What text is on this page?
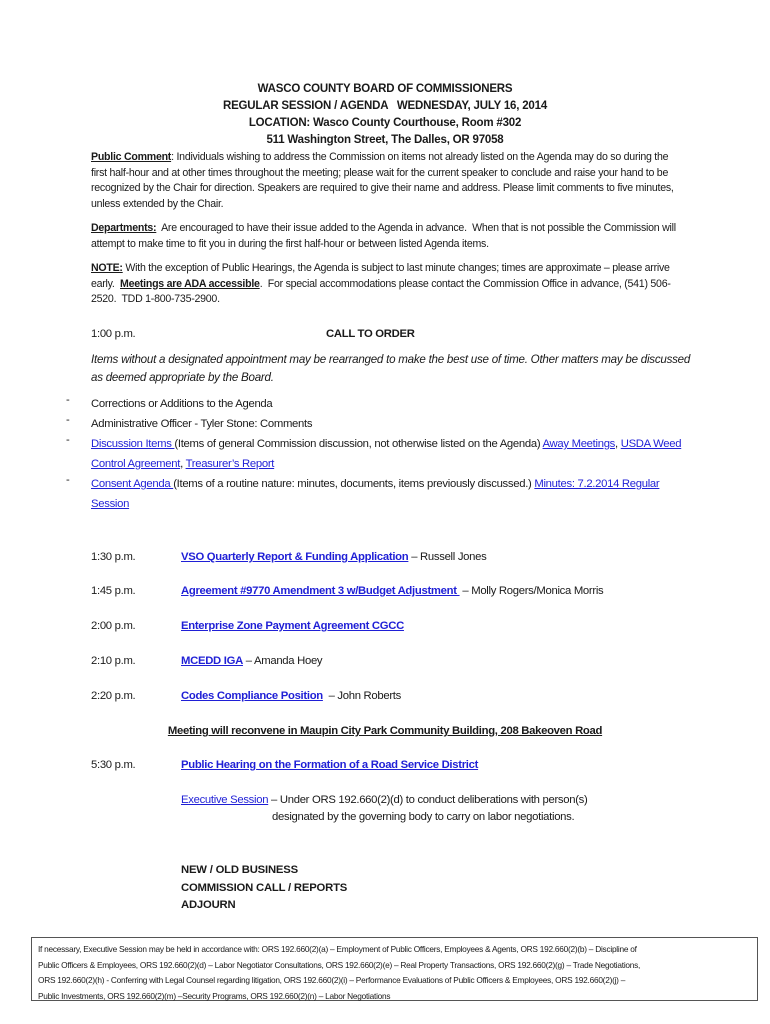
WASCO COUNTY BOARD OF COMMISSIONERS
REGULAR SESSION / AGENDA   WEDNESDAY, JULY 16, 2014
LOCATION: Wasco County Courthouse, Room #302
511 Washington Street, The Dalles, OR 97058
Public Comment: Individuals wishing to address the Commission on items not already listed on the Agenda may do so during the first half-hour and at other times throughout the meeting; please wait for the current speaker to conclude and raise your hand to be recognized by the Chair for direction. Speakers are required to give their name and address. Please limit comments to five minutes, unless extended by the Chair.
Departments:  Are encouraged to have their issue added to the Agenda in advance.  When that is not possible the Commission will attempt to make time to fit you in during the first half-hour or between listed Agenda items.
NOTE: With the exception of Public Hearings, the Agenda is subject to last minute changes; times are approximate – please arrive early.  Meetings are ADA accessible.  For special accommodations please contact the Commission Office in advance, (541) 506-2520.  TDD 1-800-735-2900.
1:00 p.m.	CALL TO ORDER
Items without a designated appointment may be rearranged to make the best use of time. Other matters may be discussed as deemed appropriate by the Board.
- Corrections or Additions to the Agenda
- Administrative Officer - Tyler Stone: Comments
- Discussion Items (Items of general Commission discussion, not otherwise listed on the Agenda) Away Meetings, USDA Weed Control Agreement, Treasurer’s Report
- Consent Agenda (Items of a routine nature: minutes, documents, items previously discussed.) Minutes: 7.2.2014 Regular Session
1:30 p.m.	VSO Quarterly Report & Funding Application – Russell Jones
1:45 p.m.	Agreement #9770 Amendment 3 w/Budget Adjustment  – Molly Rogers/Monica Morris
2:00 p.m.	Enterprise Zone Payment Agreement CGCC
2:10 p.m.	MCEDD IGA – Amanda Hoey
2:20 p.m.	Codes Compliance Position  – John Roberts
Meeting will reconvene in Maupin City Park Community Building, 208 Bakeoven Road
5:30 p.m.	Public Hearing on the Formation of a Road Service District
Executive Session – Under ORS 192.660(2)(d) to conduct deliberations with person(s)
designated by the governing body to carry on labor negotiations.
NEW / OLD BUSINESS
COMMISSION CALL / REPORTS
ADJOURN
If necessary, Executive Session may be held in accordance with: ORS 192.660(2)(a) – Employment of Public Officers, Employees & Agents, ORS 192.660(2)(b) – Discipline of
Public Officers & Employees, ORS 192.660(2)(d) – Labor Negotiator Consultations, ORS 192.660(2)(e) – Real Property Transactions, ORS 192.660(2)(g) – Trade Negotiations,
ORS 192.660(2)(h) - Conferring with Legal Counsel regarding litigation, ORS 192.660(2)(i) – Performance Evaluations of Public Officers & Employees, ORS 192.660(2)(j) –
Public Investments, ORS 192.660(2)(m) –Security Programs, ORS 192.660(2)(n) – Labor Negotiations
